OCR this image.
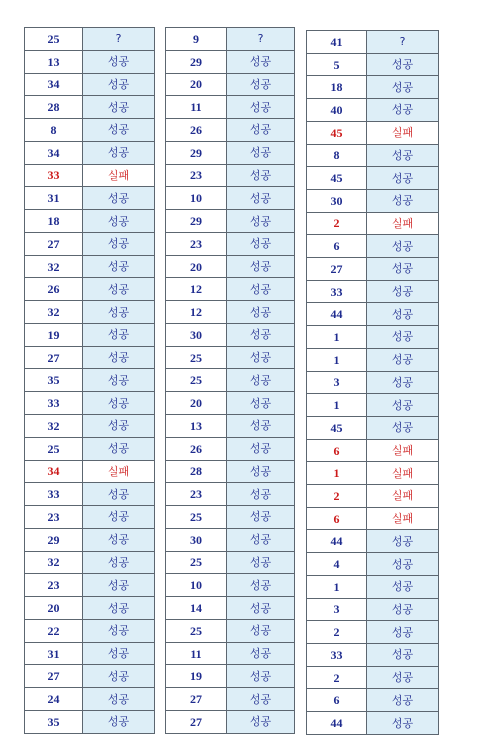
25	?
13	성공
34	성공
28	성공
8	성공
34	성공
33	실패
31	성공
18	성공
27	성공
32	성공
26	성공
32	성공
19	성공
27	성공
35	성공
33	성공
32	성공
25	성공
34	실패
33	성공
23	성공
29	성공
32	성공
23	성공
20	성공
22	성공
31	성공
27	성공
24	성공
35	성공
9	?
29	성공
20	성공
11	성공
26	성공
29	성공
23	성공
10	성공
29	성공
23	성공
20	성공
12	성공
12	성공
30	성공
25	성공
25	성공
20	성공
13	성공
26	성공
28	성공
23	성공
25	성공
30	성공
25	성공
10	성공
14	성공
25	성공
11	성공
19	성공
27	성공
27	성공
41	?
5	성공
18	성공
40	성공
45	실패
8	성공
45	성공
30	성공
2	실패
6	성공
27	성공
33	성공
44	성공
1	성공
1	성공
3	성공
1	성공
45	성공
6	실패
1	실패
2	실패
6	실패
44	성공
4	성공
1	성공
3	성공
2	성공
33	성공
2	성공
6	성공
44	성공
